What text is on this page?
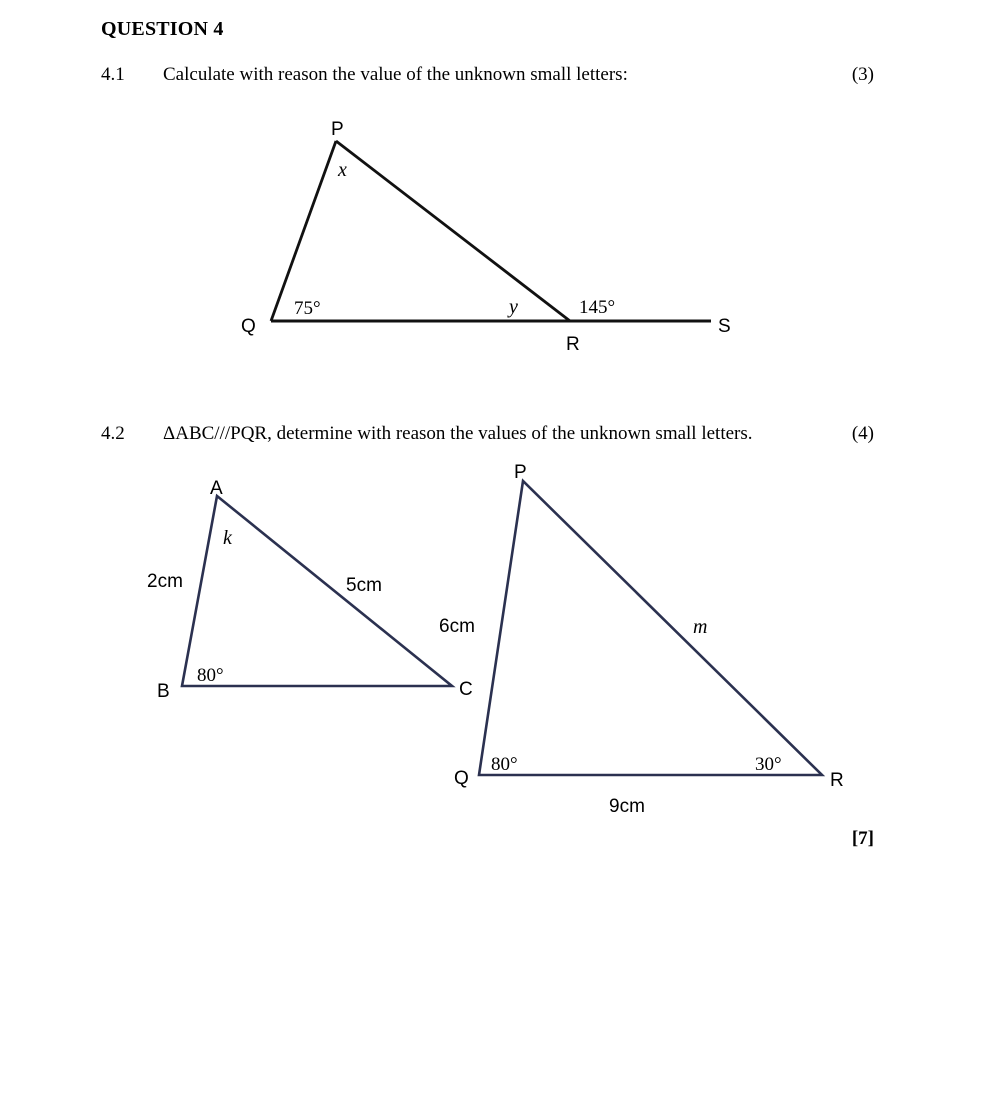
QUESTION 4
4.1 Calculate with reason the value of the unknown small letters:	(3)
4.2 ΔABC///PQR, determine with reason the values of the unknown small letters.	(4)
P
Q
R
S
x
y
75°	145°
A
B	C
k
2cm	5cm
80°
P
Q	R
m
6cm
9cm
80°	30°
[7]
